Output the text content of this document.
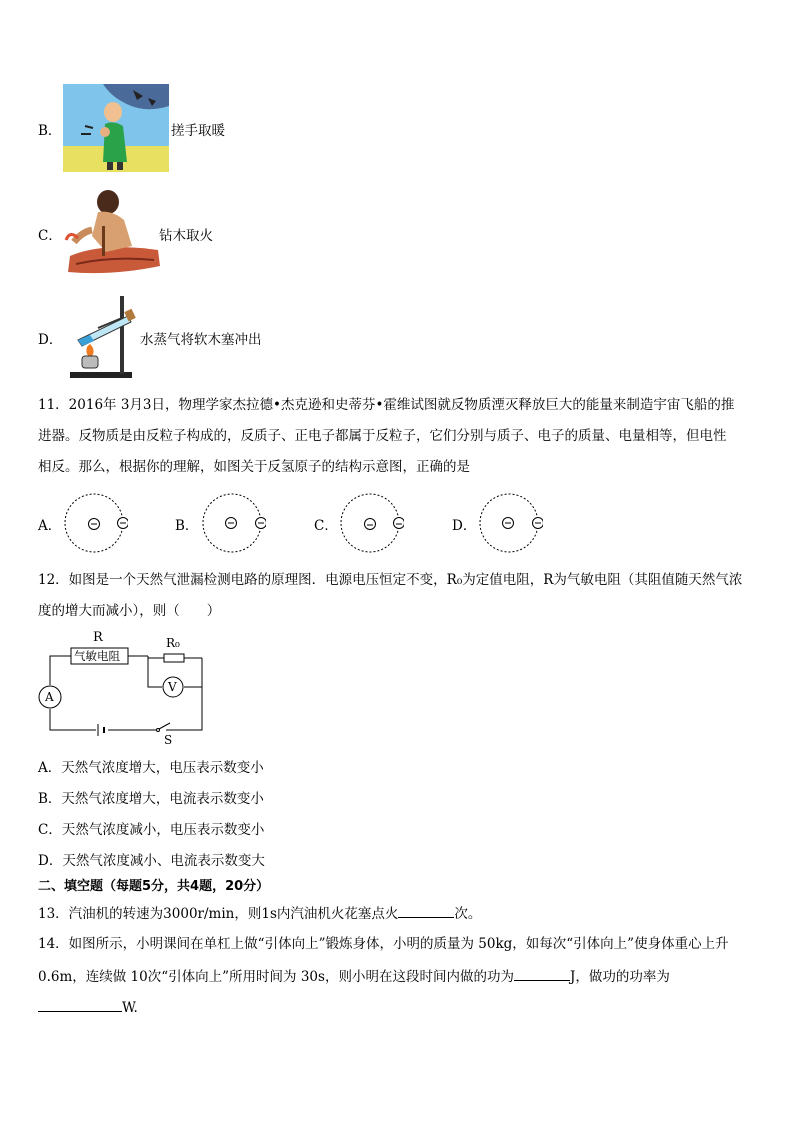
B．	搓手取暖
C．	钻木取火
D．	水蒸气将软木塞冲出
11．2016年 3月3日，物理学家杰拉德•杰克逊和史蒂芬•霍维试图就反物质湮灭释放巨大的能量来制造宇宙飞船的推
进器。反物质是由反粒子构成的，反质子、正电子都属于反粒子，它们分别与质子、电子的质量、电量相等，但电性
相反。那么，根据你的理解，如图关于反氢原子的结构示意图，正确的是
A．	B．	C．	D．
12．如图是一个天然气泄漏检测电路的原理图．电源电压恒定不变，R₀为定值电阻，R为气敏电阻（其阻值随天然气浓
度的增大而减小），则（　　）
R
气敏电阻
R₀
V
A
S
A．天然气浓度增大，电压表示数变小
B．天然气浓度增大，电流表示数变小
C．天然气浓度减小，电压表示数变小
D．天然气浓度减小、电流表示数变大
二、填空题（每题5分，共4题，20分）
13．汽油机的转速为3000r/min，则1s内汽油机火花塞点火	次。
14．如图所示，小明课间在单杠上做“引体向上”锻炼身体，小明的质量为 50kg，如每次“引体向上”使身体重心上升
0.6m，连续做 10次“引体向上”所用时间为 30s，则小明在这段时间内做的功为	J，做功的功率为
W.
